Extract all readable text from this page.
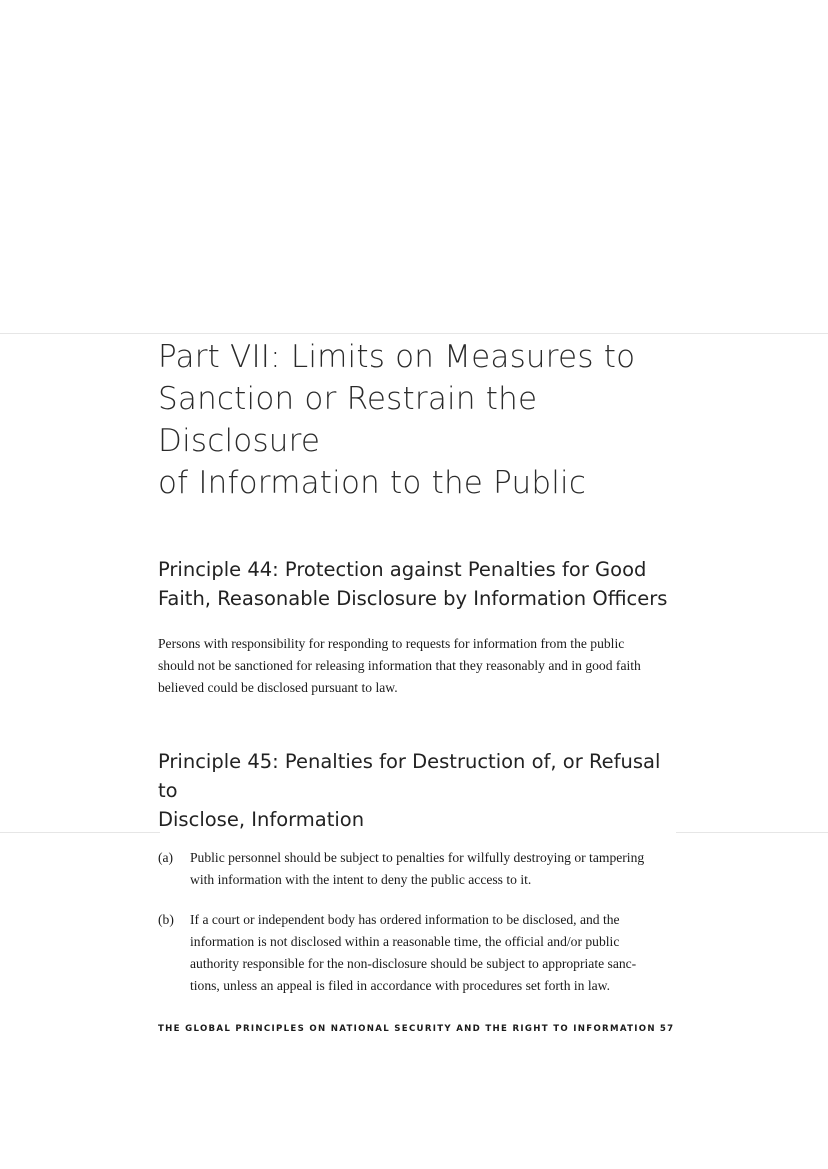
Part VII: Limits on Measures to
Sanction or Restrain the Disclosure
of Information to the Public
Principle 44: Protection against Penalties for Good
Faith, Reasonable Disclosure by Information Officers

Persons with responsibility for responding to requests for information from the public
should not be sanctioned for releasing information that they reasonably and in good faith
believed could be disclosed pursuant to law.

Principle 45: Penalties for Destruction of, or Refusal to
Disclose, Information
(a)	Public personnel should be subject to penalties for wilfully destroying or tampering
with information with the intent to deny the public access to it.
(b)	If a court or independent body has ordered information to be disclosed, and the
information is not disclosed within a reasonable time, the official and/or public
authority responsible for the non-disclosure should be subject to appropriate sanc-
tions, unless an appeal is filed in accordance with procedures set forth in law.
THE GLOBAL PRINCIPLES ON NATIONAL SECURITY AND THE RIGHT TO INFORMATION 57
